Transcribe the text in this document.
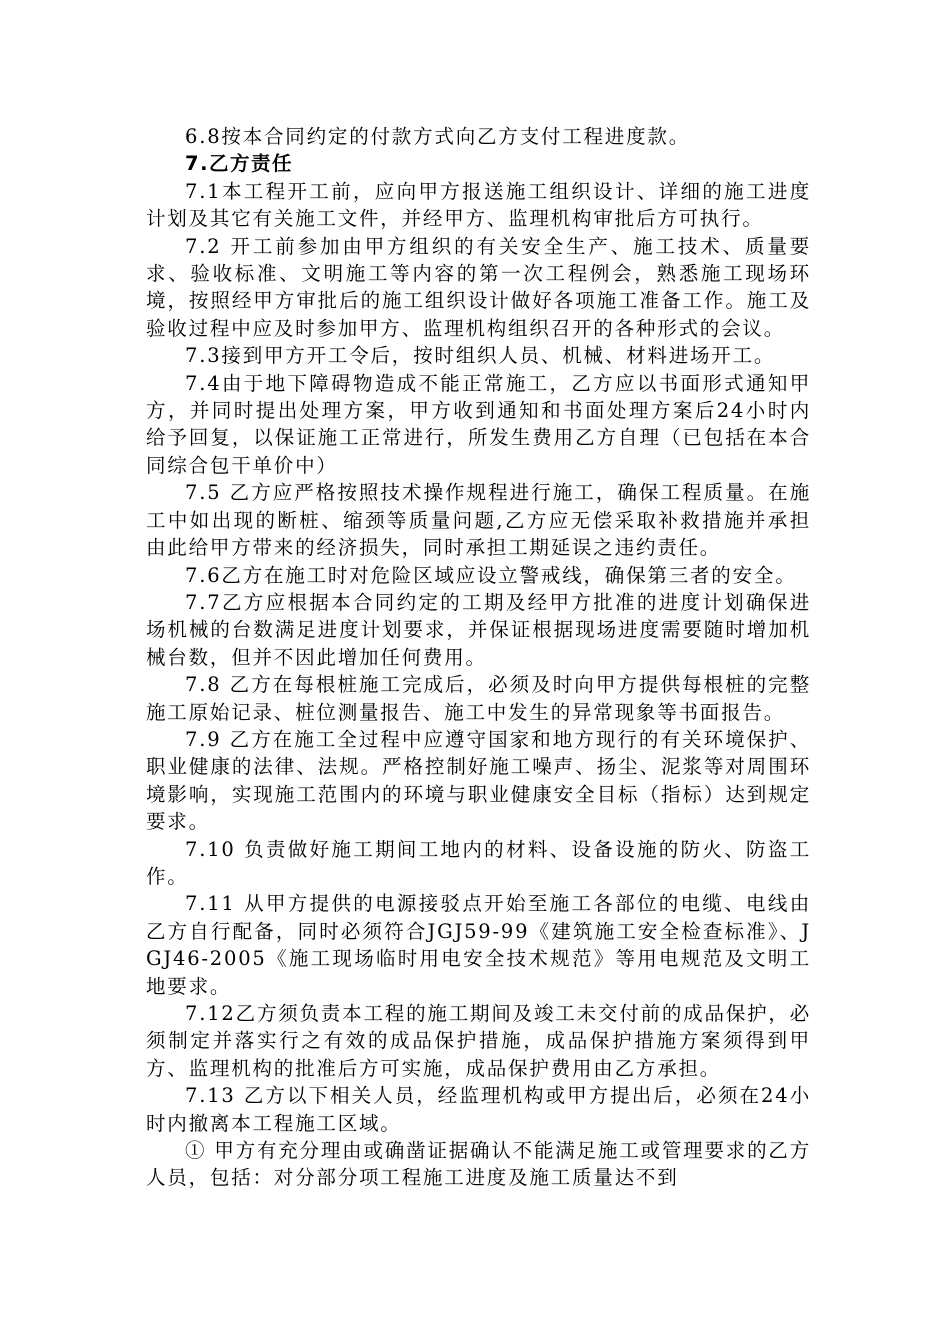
6.8按本合同约定的付款方式向乙方支付工程进度款。

7.乙方责任

7.1本工程开工前，应向甲方报送施工组织设计、详细的施工进度计划及其它有关施工文件，并经甲方、监理机构审批后方可执行。

7.2 开工前参加由甲方组织的有关安全生产、施工技术、质量要求、验收标准、文明施工等内容的第一次工程例会，熟悉施工现场环境，按照经甲方审批后的施工组织设计做好各项施工准备工作。施工及验收过程中应及时参加甲方、监理机构组织召开的各种形式的会议。

7.3接到甲方开工令后，按时组织人员、机械、材料进场开工。

7.4由于地下障碍物造成不能正常施工，乙方应以书面形式通知甲方，并同时提出处理方案，甲方收到通知和书面处理方案后24小时内给予回复，以保证施工正常进行，所发生费用乙方自理（已包括在本合同综合包干单价中）

7.5 乙方应严格按照技术操作规程进行施工，确保工程质量。在施工中如出现的断桩、缩颈等质量问题,乙方应无偿采取补救措施并承担由此给甲方带来的经济损失，同时承担工期延误之违约责任。

7.6乙方在施工时对危险区域应设立警戒线，确保第三者的安全。

7.7乙方应根据本合同约定的工期及经甲方批准的进度计划确保进场机械的台数满足进度计划要求，并保证根据现场进度需要随时增加机械台数，但并不因此增加任何费用。

7.8 乙方在每根桩施工完成后，必须及时向甲方提供每根桩的完整施工原始记录、桩位测量报告、施工中发生的异常现象等书面报告。

7.9 乙方在施工全过程中应遵守国家和地方现行的有关环境保护、职业健康的法律、法规。严格控制好施工噪声、扬尘、泥浆等对周围环境影响，实现施工范围内的环境与职业健康安全目标（指标）达到规定要求。

7.10 负责做好施工期间工地内的材料、设备设施的防火、防盗工作。

7.11 从甲方提供的电源接驳点开始至施工各部位的电缆、电线由乙方自行配备，同时必须符合JGJ59-99《建筑施工安全检查标准》、JGJ46-2005《施工现场临时用电安全技术规范》等用电规范及文明工地要求。

7.12乙方须负责本工程的施工期间及竣工未交付前的成品保护，必须制定并落实行之有效的成品保护措施，成品保护措施方案须得到甲方、监理机构的批准后方可实施，成品保护费用由乙方承担。

7.13 乙方以下相关人员，经监理机构或甲方提出后，必须在24小时内撤离本工程施工区域。

① 甲方有充分理由或确凿证据确认不能满足施工或管理要求的乙方人员，包括：对分部分项工程施工进度及施工质量达不到
